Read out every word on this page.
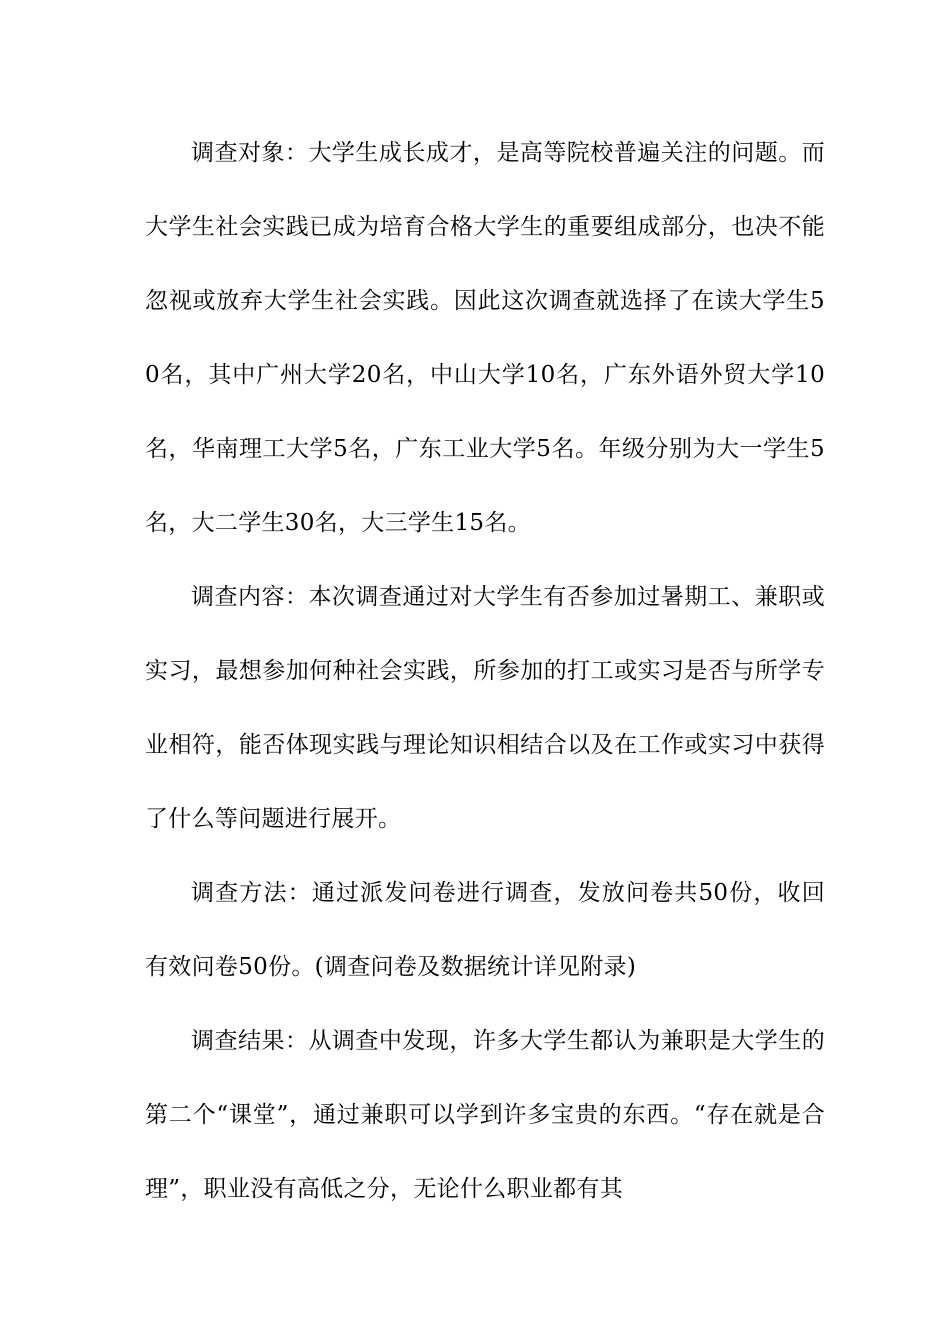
调查对象：大学生成长成才，是高等院校普遍关注的问题。而大学生社会实践已成为培育合格大学生的重要组成部分，也决不能忽视或放弃大学生社会实践。因此这次调查就选择了在读大学生50名，其中广州大学20名，中山大学10名，广东外语外贸大学10名，华南理工大学5名，广东工业大学5名。年级分别为大一学生5名，大二学生30名，大三学生15名。

调查内容：本次调查通过对大学生有否参加过暑期工、兼职或实习，最想参加何种社会实践，所参加的打工或实习是否与所学专业相符，能否体现实践与理论知识相结合以及在工作或实习中获得了什么等问题进行展开。

调查方法：通过派发问卷进行调查，发放问卷共50份，收回有效问卷50份。(调查问卷及数据统计详见附录)

调查结果：从调查中发现，许多大学生都认为兼职是大学生的第二个“课堂”，通过兼职可以学到许多宝贵的东西。“存在就是合理”，职业没有高低之分，无论什么职业都有其
